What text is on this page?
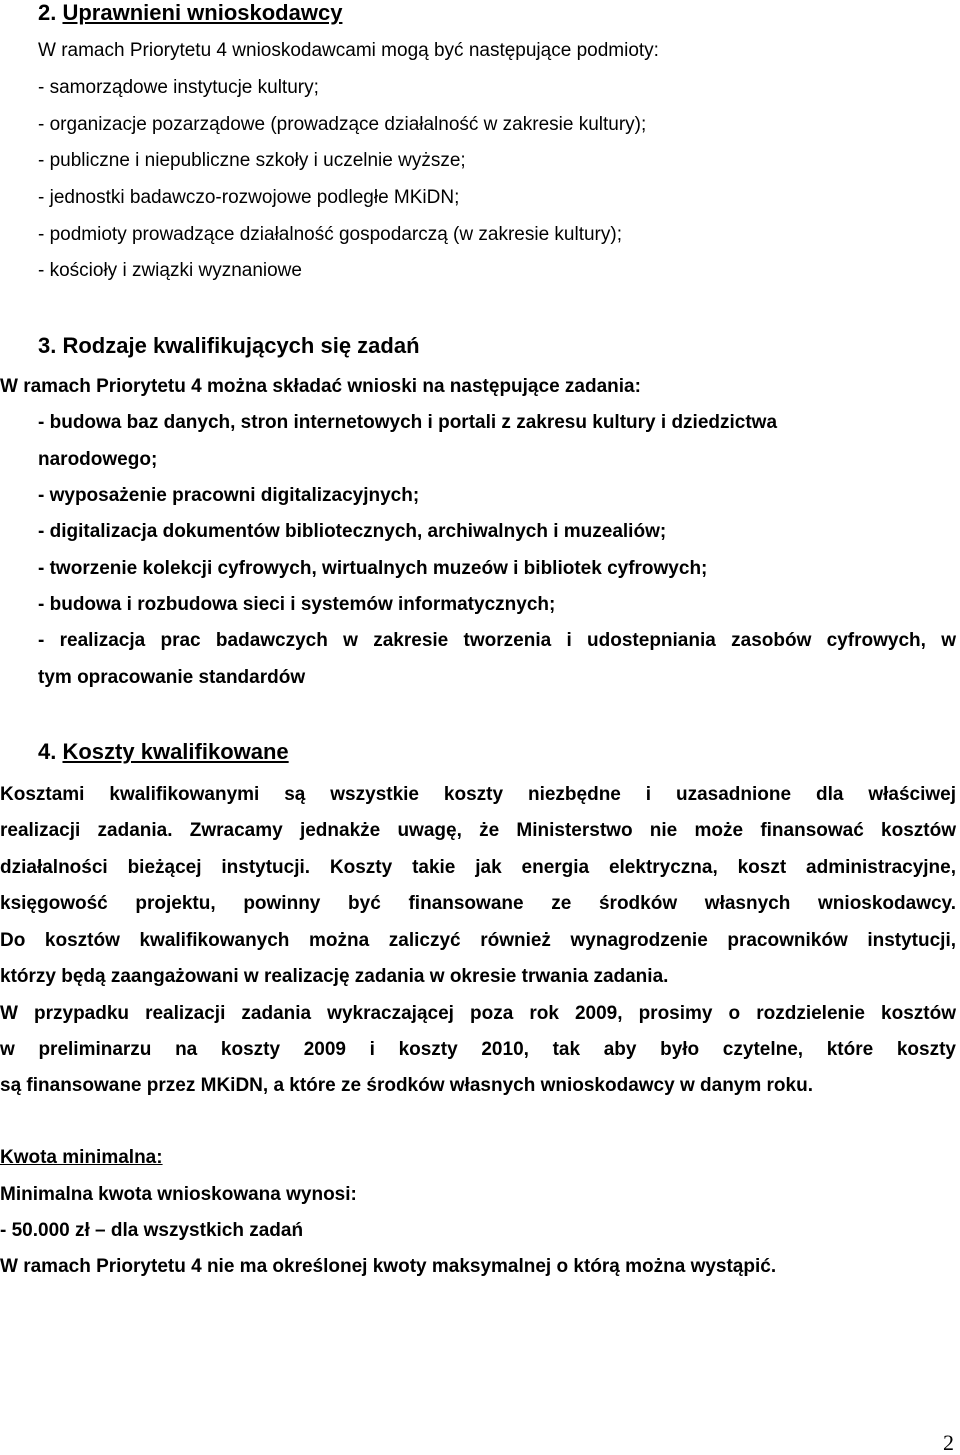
2. Uprawnieni wnioskodawcy
W ramach Priorytetu 4 wnioskodawcami mogą być następujące podmioty:
- samorządowe instytucje kultury;
- organizacje pozarządowe (prowadzące działalność w zakresie kultury);
- publiczne i niepubliczne szkoły i uczelnie wyższe;
- jednostki badawczo-rozwojowe podległe MKiDN;
- podmioty prowadzące działalność gospodarczą (w zakresie kultury);
- kościoły i związki wyznaniowe
3. Rodzaje kwalifikujących się zadań
W ramach Priorytetu 4 można składać wnioski na następujące zadania:
- budowa baz danych, stron internetowych i portali z zakresu kultury i dziedzictwa
narodowego;
- wyposażenie pracowni digitalizacyjnych;
- digitalizacja dokumentów bibliotecznych, archiwalnych i muzealiów;
- tworzenie kolekcji cyfrowych, wirtualnych muzeów i bibliotek cyfrowych;
- budowa i rozbudowa sieci i systemów informatycznych;
- realizacja prac badawczych w zakresie tworzenia i udostepniania zasobów cyfrowych, w
tym opracowanie standardów
4. Koszty kwalifikowane
Kosztami kwalifikowanymi są wszystkie koszty niezbędne i uzasadnione dla właściwej
realizacji zadania. Zwracamy jednakże uwagę, że Ministerstwo nie może finansować kosztów
działalności bieżącej instytucji. Koszty takie jak energia elektryczna, koszt administracyjne,
księgowość projektu, powinny być finansowane ze środków własnych wnioskodawcy.
Do kosztów kwalifikowanych można zaliczyć również wynagrodzenie pracowników instytucji,
którzy będą zaangażowani w realizację zadania w okresie trwania zadania.
W przypadku realizacji zadania wykraczającej poza rok 2009, prosimy o rozdzielenie kosztów
w preliminarzu na koszty 2009 i koszty 2010, tak aby było czytelne, które koszty
są finansowane przez MKiDN, a które ze środków własnych wnioskodawcy w danym roku.
Kwota minimalna:
Minimalna kwota wnioskowana wynosi:
- 50.000 zł – dla wszystkich zadań
W ramach Priorytetu 4 nie ma określonej kwoty maksymalnej o którą można wystąpić.
2
